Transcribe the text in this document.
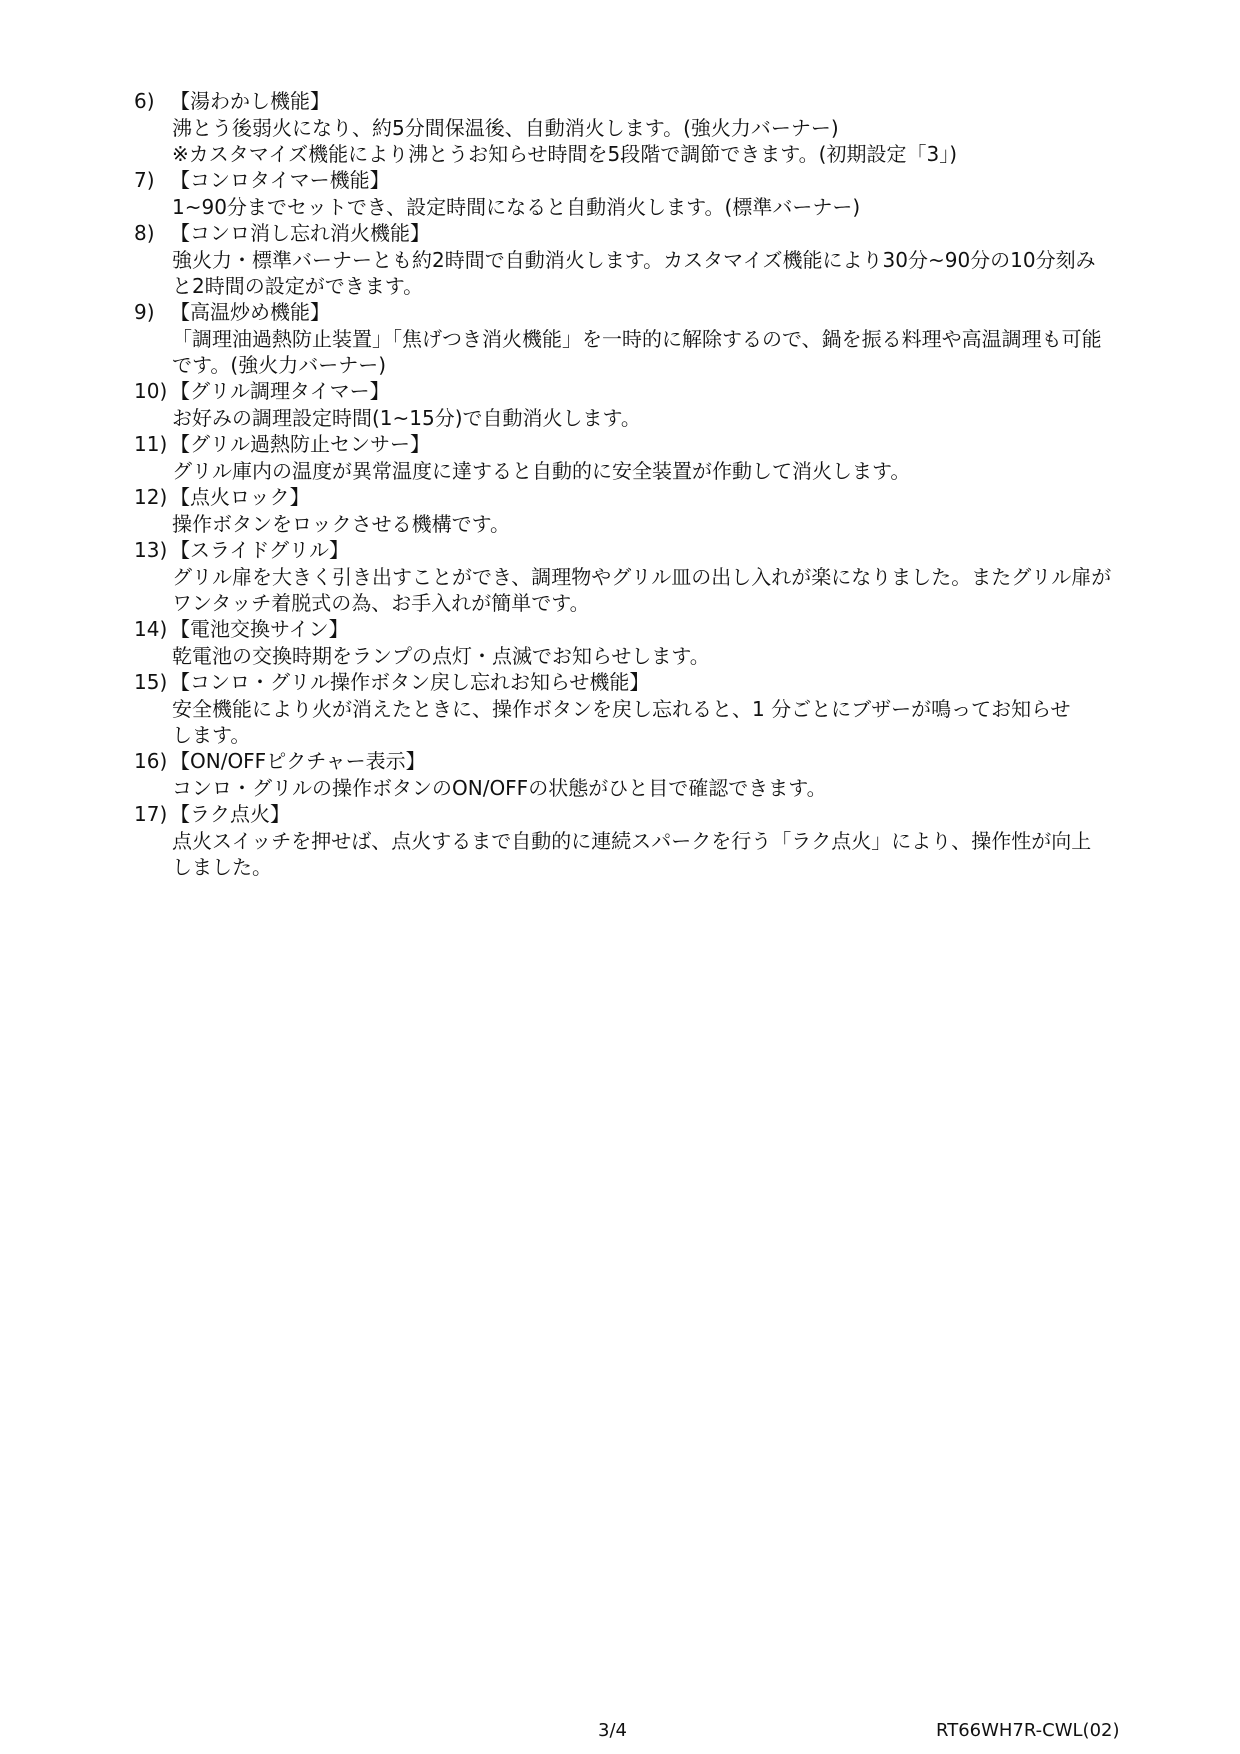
6) 【湯わかし機能】
沸とう後弱火になり、約5分間保温後、自動消火します。(強火力バーナー)
※カスタマイズ機能により沸とうお知らせ時間を5段階で調節できます。(初期設定「3」)
7) 【コンロタイマー機能】
1~90分までセットでき、設定時間になると自動消火します。(標準バーナー)
8) 【コンロ消し忘れ消火機能】
強火力・標準バーナーとも約2時間で自動消火します。カスタマイズ機能により30分~90分の10分刻み
と2時間の設定ができます。
9) 【高温炒め機能】
「調理油過熱防止装置」「焦げつき消火機能」を一時的に解除するので、鍋を振る料理や高温調理も可能
です。(強火力バーナー)
10) 【グリル調理タイマー】
お好みの調理設定時間(1~15分)で自動消火します。
11) 【グリル過熱防止センサー】
グリル庫内の温度が異常温度に達すると自動的に安全装置が作動して消火します。
12) 【点火ロック】
操作ボタンをロックさせる機構です。
13) 【スライドグリル】
グリル扉を大きく引き出すことができ、調理物やグリル皿の出し入れが楽になりました。またグリル扉が
ワンタッチ着脱式の為、お手入れが簡単です。
14) 【電池交換サイン】
乾電池の交換時期をランプの点灯・点滅でお知らせします。
15) 【コンロ・グリル操作ボタン戻し忘れお知らせ機能】
安全機能により火が消えたときに、操作ボタンを戻し忘れると、1 分ごとにブザーが鳴ってお知らせ
します。
16) 【ON/OFFピクチャー表示】
コンロ・グリルの操作ボタンのON/OFFの状態がひと目で確認できます。
17) 【ラク点火】
点火スイッチを押せば、点火するまで自動的に連続スパークを行う「ラク点火」により、操作性が向上
しました。
3/4	RT66WH7R-CWL(02)
